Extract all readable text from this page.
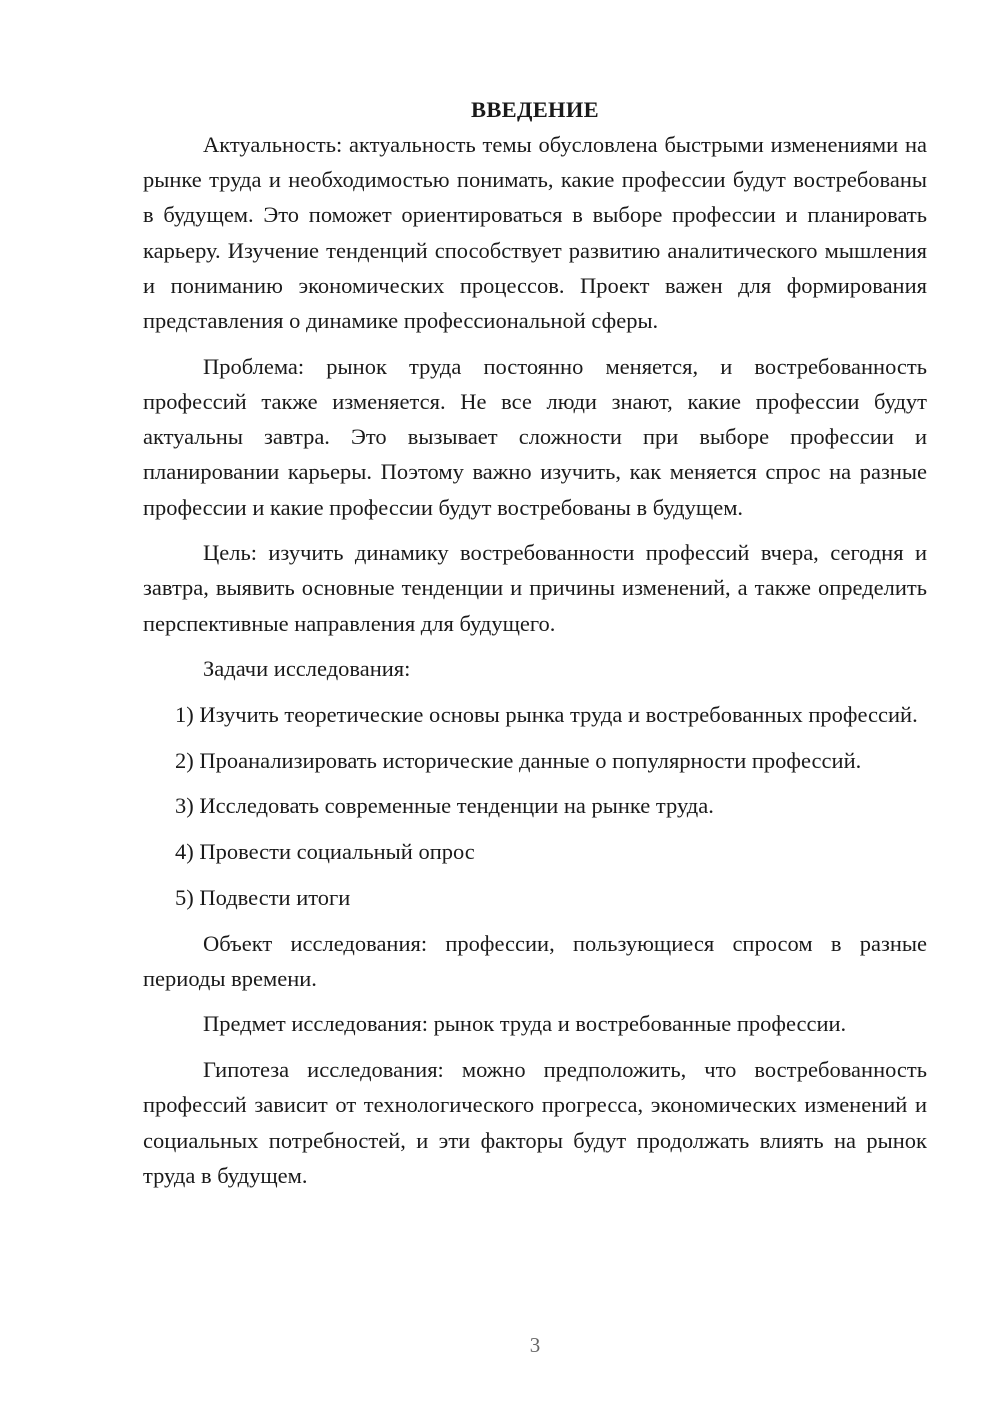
ВВЕДЕНИЕ

Актуальность: актуальность темы обусловлена быстрыми изменениями на рынке труда и необходимостью понимать, какие профессии будут востребованы в будущем. Это поможет ориентироваться в выборе профессии и планировать карьеру. Изучение тенденций способствует развитию аналитического мышления и пониманию экономических процессов. Проект важен для формирования представления о динамике профессиональной сферы.

Проблема: рынок труда постоянно меняется, и востребованность профессий также изменяется. Не все люди знают, какие профессии будут актуальны завтра. Это вызывает сложности при выборе профессии и планировании карьеры. Поэтому важно изучить, как меняется спрос на разные профессии и какие профессии будут востребованы в будущем.

Цель: изучить динамику востребованности профессий вчера, сегодня и завтра, выявить основные тенденции и причины изменений, а также определить перспективные направления для будущего.

Задачи исследования:

1) Изучить теоретические основы рынка труда и востребованных профессий.

2) Проанализировать исторические данные о популярности профессий.

3) Исследовать современные тенденции на рынке труда.

4) Провести социальный опрос

5) Подвести итоги

Объект исследования: профессии, пользующиеся спросом в разные периоды времени.

Предмет исследования: рынок труда и востребованные профессии.

Гипотеза исследования: можно предположить, что востребованность профессий зависит от технологического прогресса, экономических изменений и социальных потребностей, и эти факторы будут продолжать влиять на рынок труда в будущем.

3
